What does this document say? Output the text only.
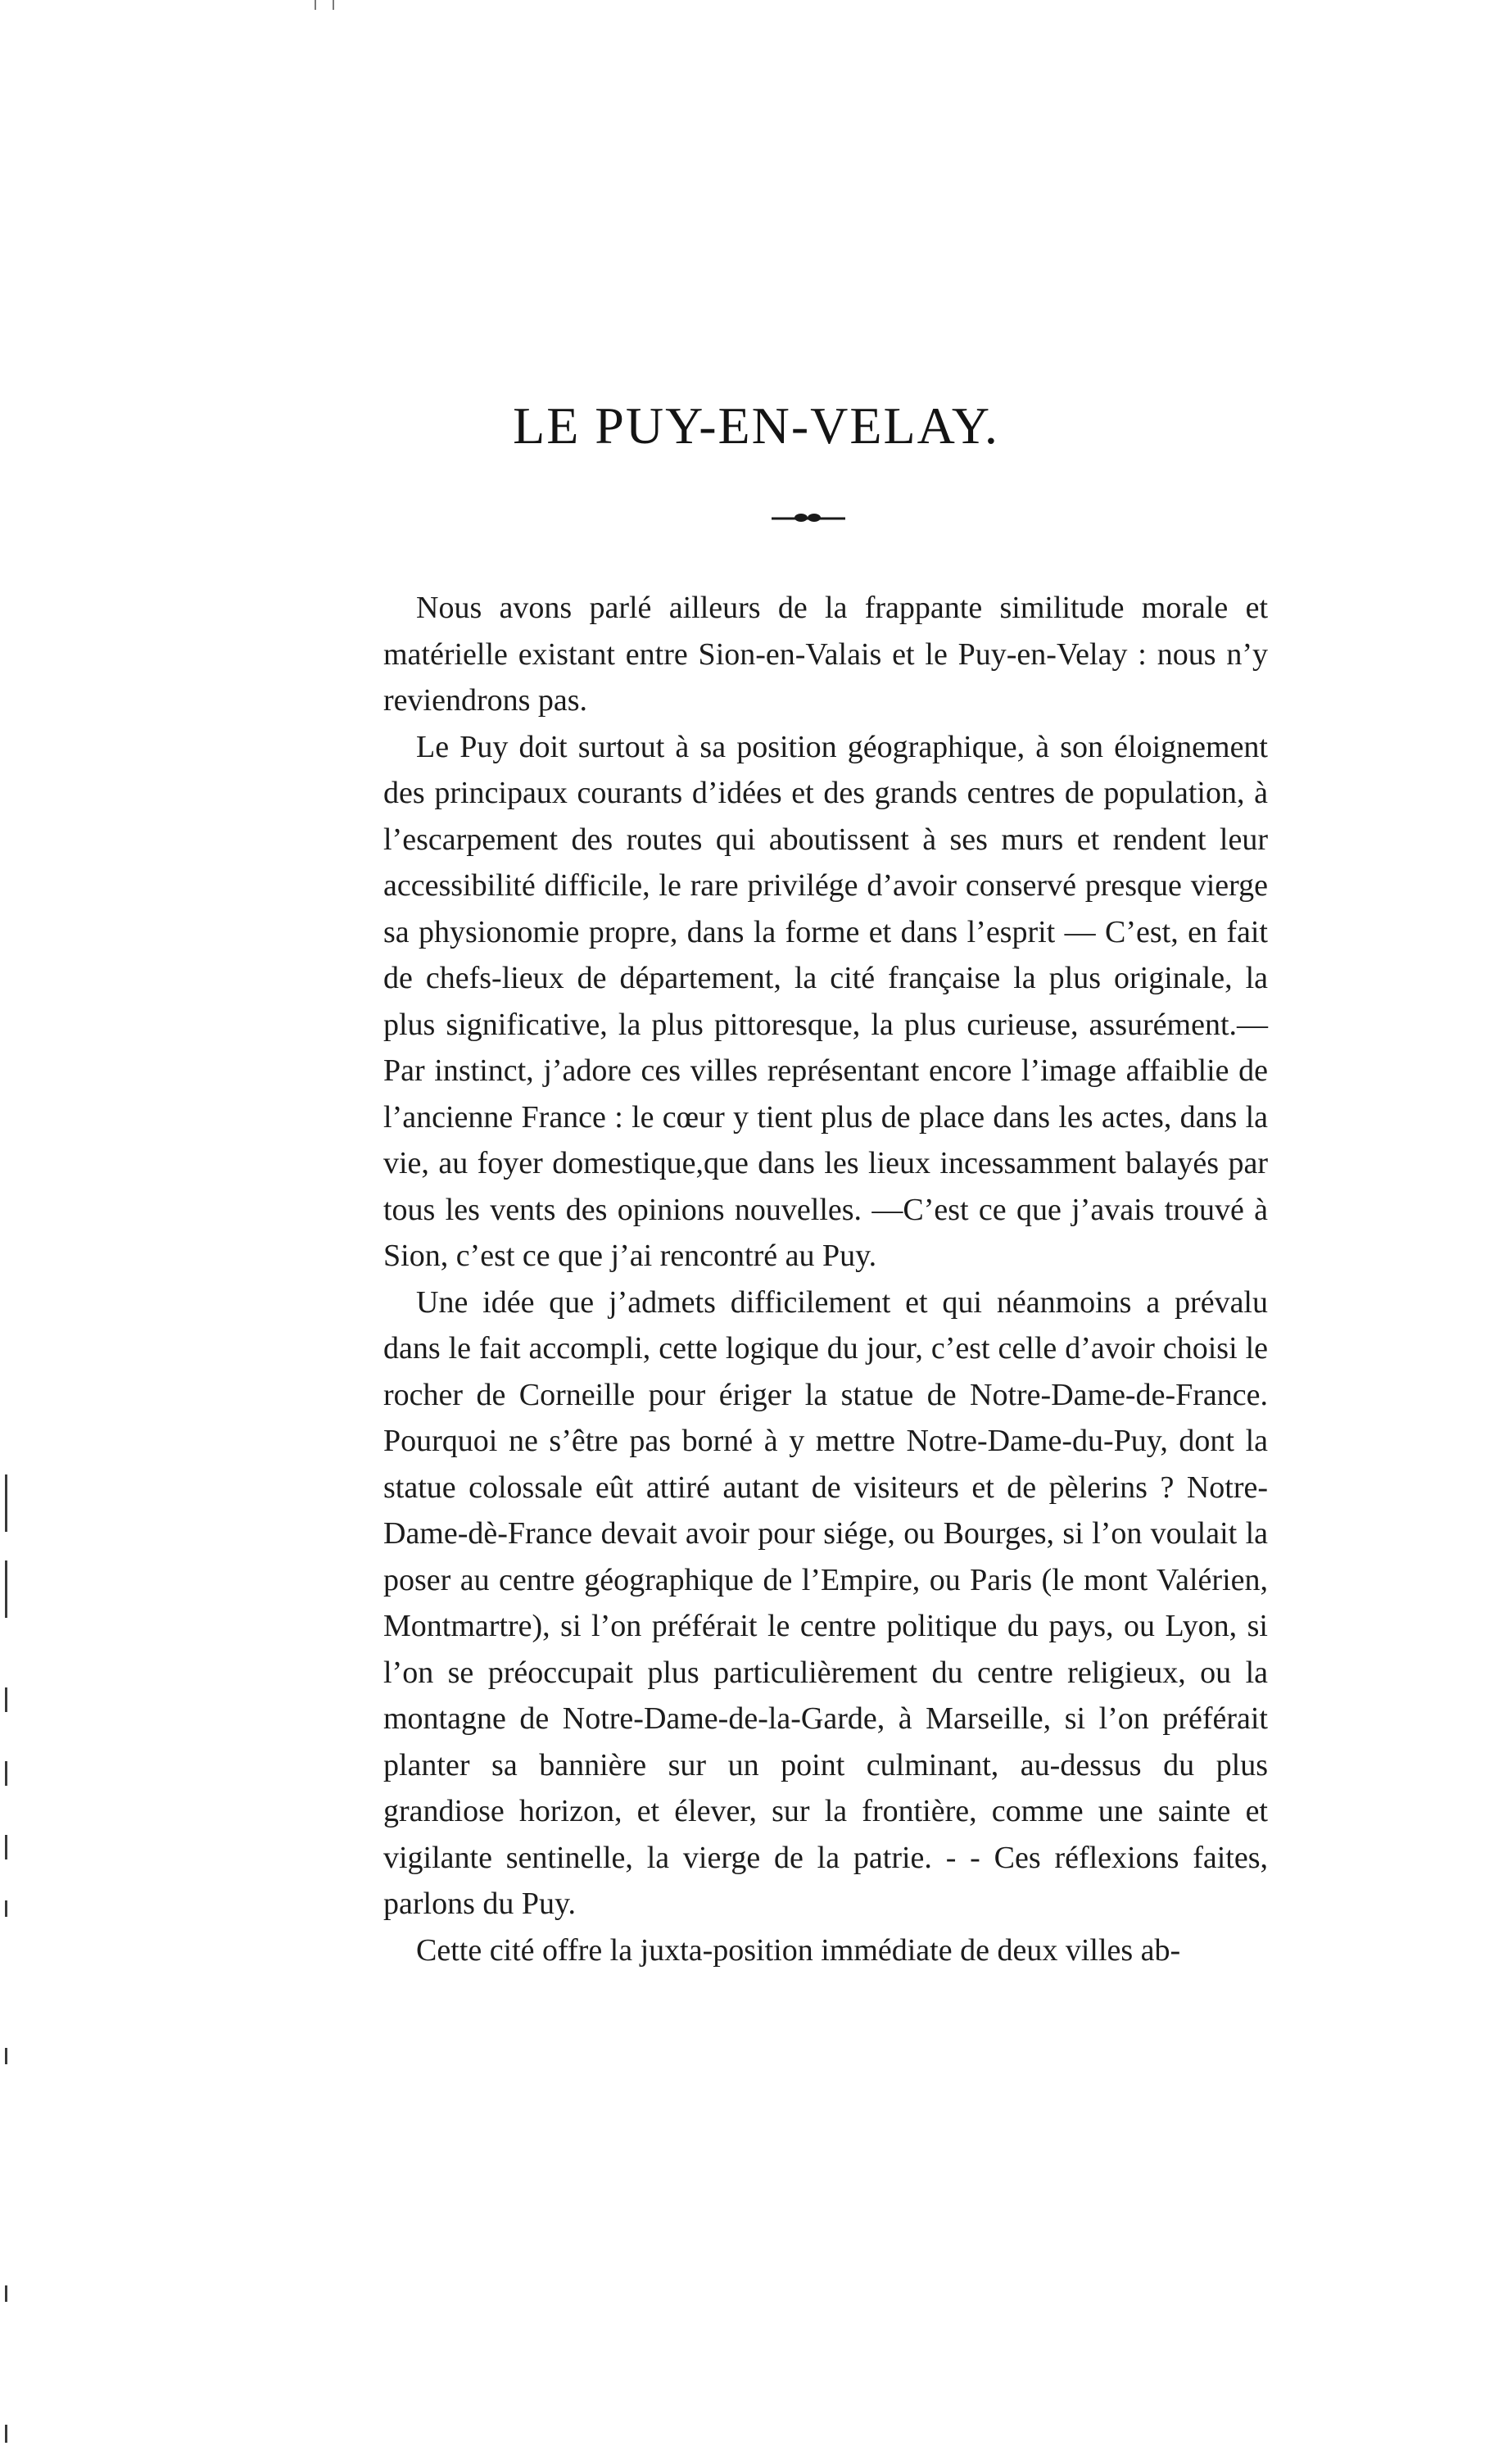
LE PUY-EN-VELAY.

Nous avons parlé ailleurs de la frappante similitude morale et matérielle existant entre Sion-en-Valais et le Puy-en-Velay : nous n’y reviendrons pas.

Le Puy doit surtout à sa position géographique, à son éloignement des principaux courants d’idées et des grands centres de population, à l’escarpement des routes qui aboutissent à ses murs et rendent leur accessibilité difficile, le rare privilége d’avoir conservé presque vierge sa physionomie propre, dans la forme et dans l’esprit — C’est, en fait de chefs-lieux de département, la cité française la plus originale, la plus significative, la plus pittoresque, la plus curieuse, assurément.—Par instinct, j’adore ces villes représentant encore l’image affaiblie de l’ancienne France : le cœur y tient plus de place dans les actes, dans la vie, au foyer domestique,que dans les lieux incessamment balayés par tous les vents des opinions nouvelles. —C’est ce que j’avais trouvé à Sion, c’est ce que j’ai rencontré au Puy.

Une idée que j’admets difficilement et qui néanmoins a prévalu dans le fait accompli, cette logique du jour, c’est celle d’avoir choisi le rocher de Corneille pour ériger la statue de Notre-Dame-de-France. Pourquoi ne s’être pas borné à y mettre Notre-Dame-du-Puy, dont la statue colossale eût attiré autant de visiteurs et de pèlerins ? Notre-Dame-dè-France devait avoir pour siége, ou Bourges, si l’on voulait la poser au centre géographique de l’Empire, ou Paris (le mont Valérien, Montmartre), si l’on préférait le centre politique du pays, ou Lyon, si l’on se préoccupait plus particulièrement du centre religieux, ou la montagne de Notre-Dame-de-la-Garde, à Marseille, si l’on préférait planter sa bannière sur un point culminant, au-dessus du plus grandiose horizon, et élever, sur la frontière, comme une sainte et vigilante sentinelle, la vierge de la patrie. - - Ces réflexions faites, parlons du Puy.

Cette cité offre la juxta-position immédiate de deux villes ab-
